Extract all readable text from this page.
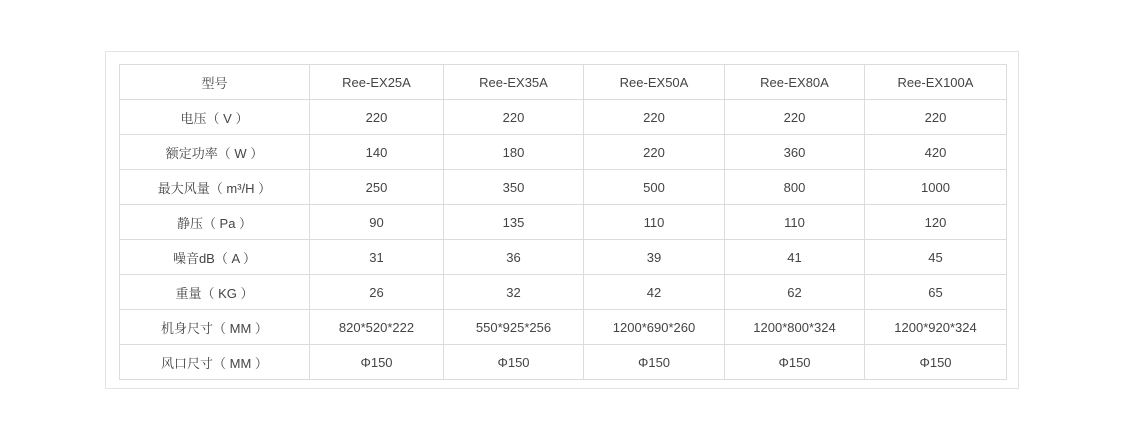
型号	Ree-EX25A	Ree-EX35A	Ree-EX50A	Ree-EX80A	Ree-EX100A
电压（ V ）	220	220	220	220	220
额定功率（ W ）	140	180	220	360	420
最大风量（ m³/H ）	250	350	500	800	1000
静压（ Pa ）	90	135	110	110	120
噪音dB（ A ）	31	36	39	41	45
重量（ KG ）	26	32	42	62	65
机身尺寸（ MM ）	820*520*222	550*925*256	1200*690*260	1200*800*324	1200*920*324
风口尺寸（ MM ）	Φ150	Φ150	Φ150	Φ150	Φ150
